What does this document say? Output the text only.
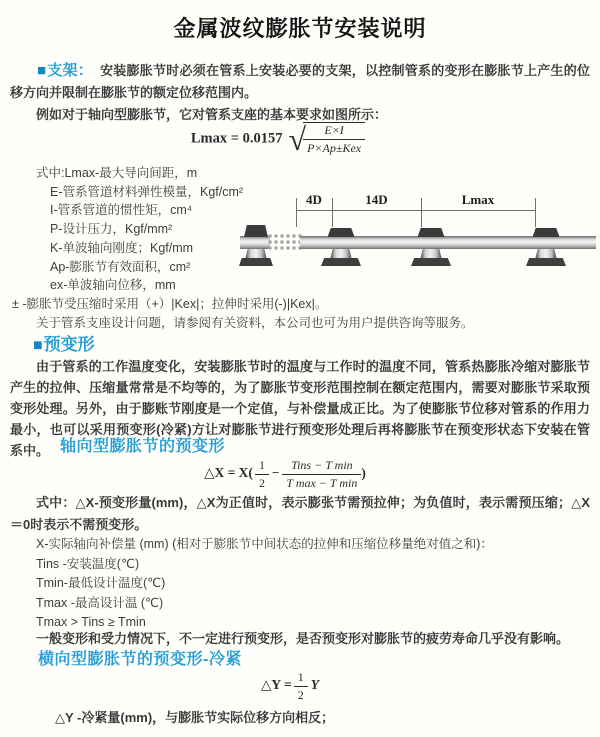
金属波纹膨胀节安装说明

■支架： 安装膨胀节时必须在管系上安装必要的支架，以控制管系的变形在膨胀节上产生的位移方向并限制在膨胀节的额定位移范围内。

例如对于轴向型膨胀节，它对管系支座的基本要求如图所示：

Lmax = 0.0157 √
$\frac{E\times I}{\text{P×Ap±Kex}}$
式中:Lmax-最大导向间距，m
E-管系管道材料弹性模量，Kgf/cm²
I-管系管道的惯性矩，cm⁴
P-设计压力，Kgf/mm²
K-单波轴向刚度；Kgf/mm
Ap-膨胀节有效面积，cm²
ex-单波轴向位移，mm
± -膨胀节受压缩时采用（+）|Kex|；拉伸时采用(-)|Kex|。
关于管系支座设计问题，请参阅有关资料，本公司也可为用户提供咨询等服务。
4D	14D	Lmax
■预变形

由于管系的工作温度变化，安装膨胀节时的温度与工作时的温度不同，管系热膨胀冷缩对膨胀节产生的拉伸、压缩量常常是不均等的，为了膨胀节变形范围控制在额定范围内，需要对膨胀节采取预变形处理。另外，由于膨账节刚度是一个定值，与补偿量成正比。为了使膨胀节位移对管系的作用力最小，也可以采用预变形(冷紧)方让对膨胀节进行预变形处理后再将膨胀节在预变形状态下安装在管系中。 轴向型膨胀节的预变形
△X = $X( \frac{1}{2} - \frac{\text{Tins − T min}}{\text{T max − T min}}$ )

式中：△X-预变形量(mm)，△X为正值时，表示膨张节需预拉伸；为负值时，表示需预压缩；△X＝0时表示不需预变形。

X-实际轴向补偿量 (mm) (相对于膨胀节中间状态的拉伸和压缩位移量绝对值之和)：
Tins -安装温度(℃)
Tmin-最低设计温度(℃)
Tmax -最高设计温 (℃)
Tmax > Tins ≥ Tmin

一般变形和受力情况下，不一定进行预变形，是否预变形对膨胀节的疲劳寿命几乎没有影响。

横向型膨胀节的预变形-冷紧
△Y = $\frac{1}{2}$ Y

△Y -冷紧量(mm)，与膨胀节实际位移方向相反；
